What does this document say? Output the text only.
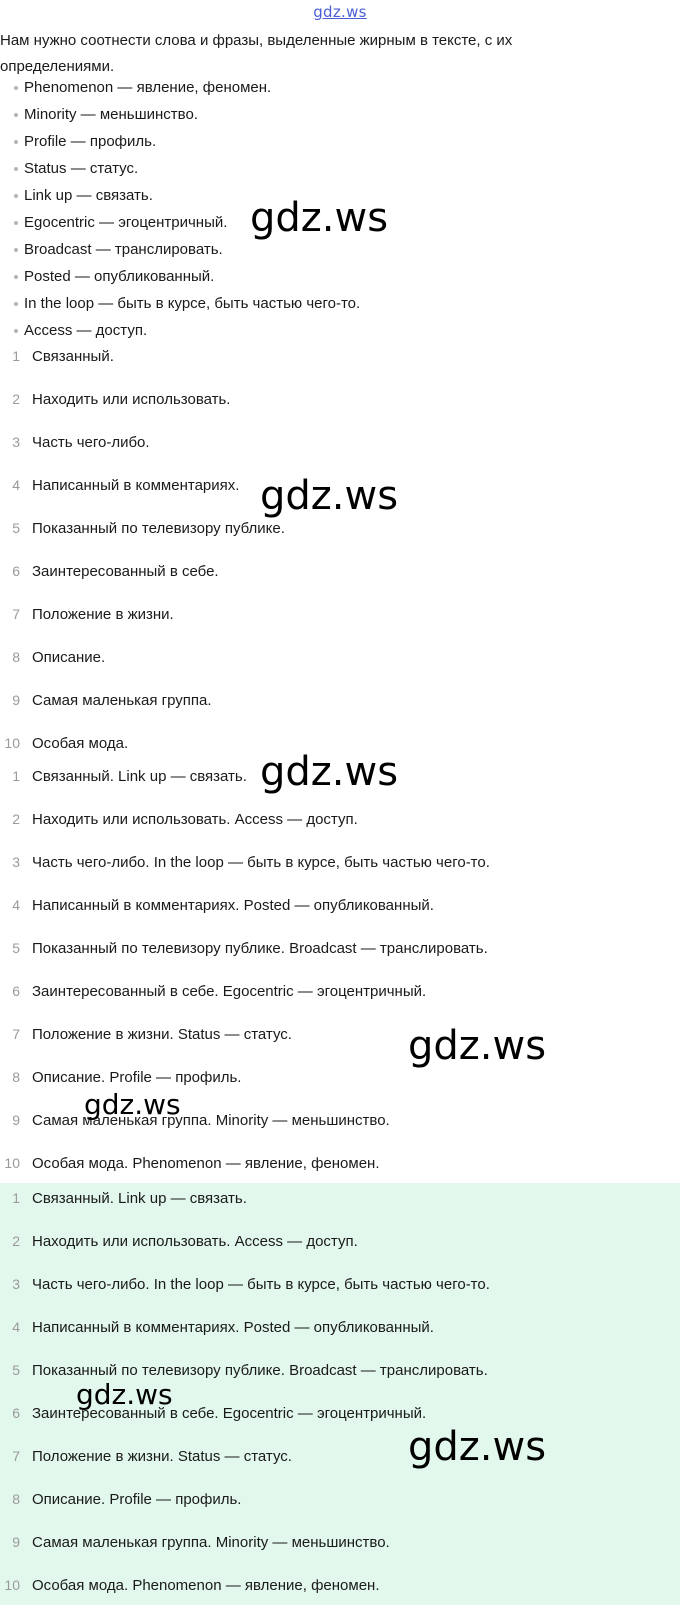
gdz.ws
Нам нужно соотнести слова и фразы, выделенные жирным в тексте, с их определениями.
Phenomenon — явление, феномен.
Minority — меньшинство.
Profile — профиль.
Status — статус.
Link up — связать.
Egocentric — эгоцентричный.
Broadcast — транслировать.
Posted — опубликованный.
In the loop — быть в курсе, быть частью чего-то.
Access — доступ.
1 Связанный.
2 Находить или использовать.
3 Часть чего-либо.
4 Написанный в комментариях.
5 Показанный по телевизору публике.
6 Заинтересованный в себе.
7 Положение в жизни.
8 Описание.
9 Самая маленькая группа.
10 Особая мода.
1 Связанный. Link up — связать.
2 Находить или использовать. Access — доступ.
3 Часть чего-либо. In the loop — быть в курсе, быть частью чего-то.
4 Написанный в комментариях. Posted — опубликованный.
5 Показанный по телевизору публике. Broadcast — транслировать.
6 Заинтересованный в себе. Egocentric — эгоцентричный.
7 Положение в жизни. Status — статус.
8 Описание. Profile — профиль.
9 Самая маленькая группа. Minority — меньшинство.
10 Особая мода. Phenomenon — явление, феномен.
1 Связанный. Link up — связать.
2 Находить или использовать. Access — доступ.
3 Часть чего-либо. In the loop — быть в курсе, быть частью чего-то.
4 Написанный в комментариях. Posted — опубликованный.
5 Показанный по телевизору публике. Broadcast — транслировать.
6 Заинтересованный в себе. Egocentric — эгоцентричный.
7 Положение в жизни. Status — статус.
8 Описание. Profile — профиль.
9 Самая маленькая группа. Minority — меньшинство.
10 Особая мода. Phenomenon — явление, феномен.
gdz.ws
gdz.ws
gdz.ws
gdz.ws
gdz.ws
gdz.ws
gdz.ws
